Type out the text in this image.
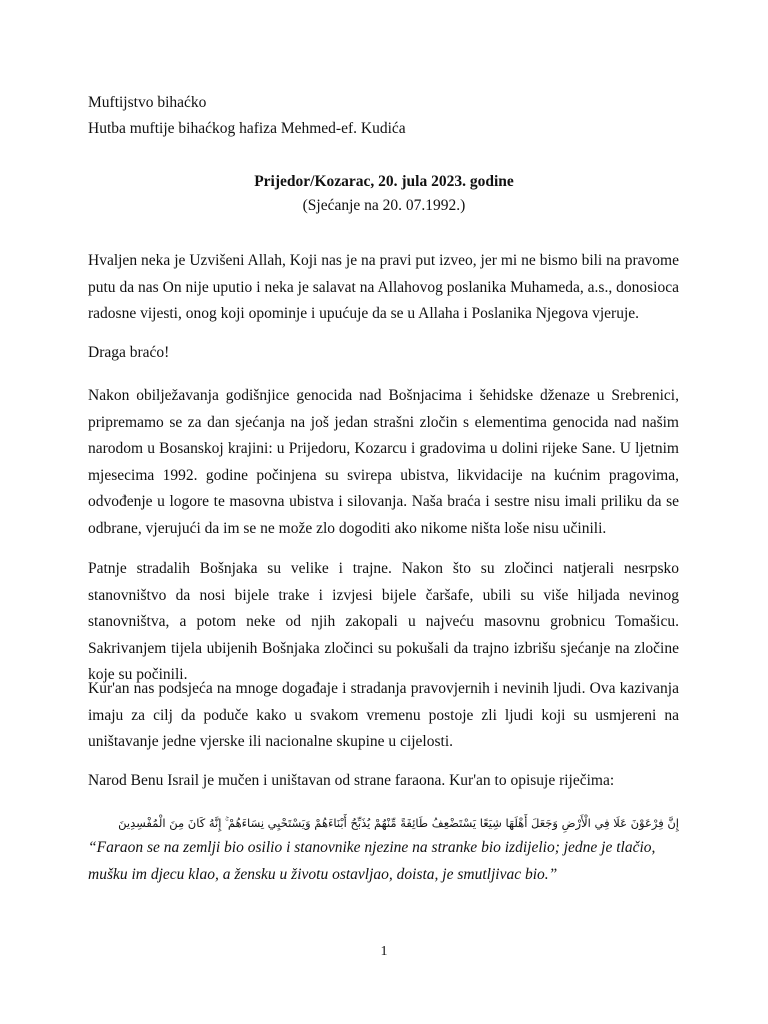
Muftijstvo bihaćko
Hutba muftije bihaćkog hafiza Mehmed-ef. Kudića
Prijedor/Kozarac, 20. jula 2023. godine
(Sjećanje na 20. 07.1992.)

Hvaljen neka je Uzvišeni Allah, Koji nas je na pravi put izveo, jer mi ne bismo bili na pravome putu da nas On nije uputio i neka je salavat na Allahovog poslanika Muhameda, a.s., donosioca radosne vijesti, onog koji opominje i upućuje da se u Allaha i Poslanika Njegova vjeruje.

Draga braćo!

Nakon obilježavanja godišnjice genocida nad Bošnjacima i šehidske dženaze u Srebrenici, pripremamo se za dan sjećanja na još jedan strašni zločin s elementima genocida nad našim narodom u Bosanskoj krajini: u Prijedoru, Kozarcu i gradovima u dolini rijeke Sane. U ljetnim mjesecima 1992. godine počinjena su svirepa ubistva, likvidacije na kućnim pragovima, odvođenje u logore te masovna ubistva i silovanja. Naša braća i sestre nisu imali priliku da se odbrane, vjerujući da im se ne može zlo dogoditi ako nikome ništa loše nisu učinili.

Patnje stradalih Bošnjaka su velike i trajne. Nakon što su zločinci natjerali nesrpsko stanovništvo da nosi bijele trake i izvjesi bijele čaršafe, ubili su više hiljada nevinog stanovništva, a potom neke od njih zakopali u najveću masovnu grobnicu Tomašicu. Sakrivanjem tijela ubijenih Bošnjaka zločinci su pokušali da trajno izbrišu sjećanje na zločine koje su počinili.

Kur'an nas podsjeća na mnoge događaje i stradanja pravovjernih i nevinih ljudi. Ova kazivanja imaju za cilj da poduče kako u svakom vremenu postoje zli ljudi koji su usmjereni na uništavanje jedne vjerske ili nacionalne skupine u cijelosti.

Narod Benu Israil je mučen i uništavan od strane faraona. Kur'an to opisuje riječima:

إِنَّ فِرْعَوْنَ عَلَا فِي الْأَرْضِ وَجَعَلَ أَهْلَهَا شِيَعًا يَسْتَضْعِفُ طَائِفَةً مِّنْهُمْ يُذَبِّحُ أَبْنَاءَهُمْ وَيَسْتَحْيِي نِسَاءَهُمْ ۚ إِنَّهُ كَانَ مِنَ الْمُفْسِدِينَ

“Faraon se na zemlji bio osilio i stanovnike njezine na stranke bio izdijelio; jedne je tlačio, mušku im djecu klao, a žensku u životu ostavljao, doista, je smutljivac bio.”

1
